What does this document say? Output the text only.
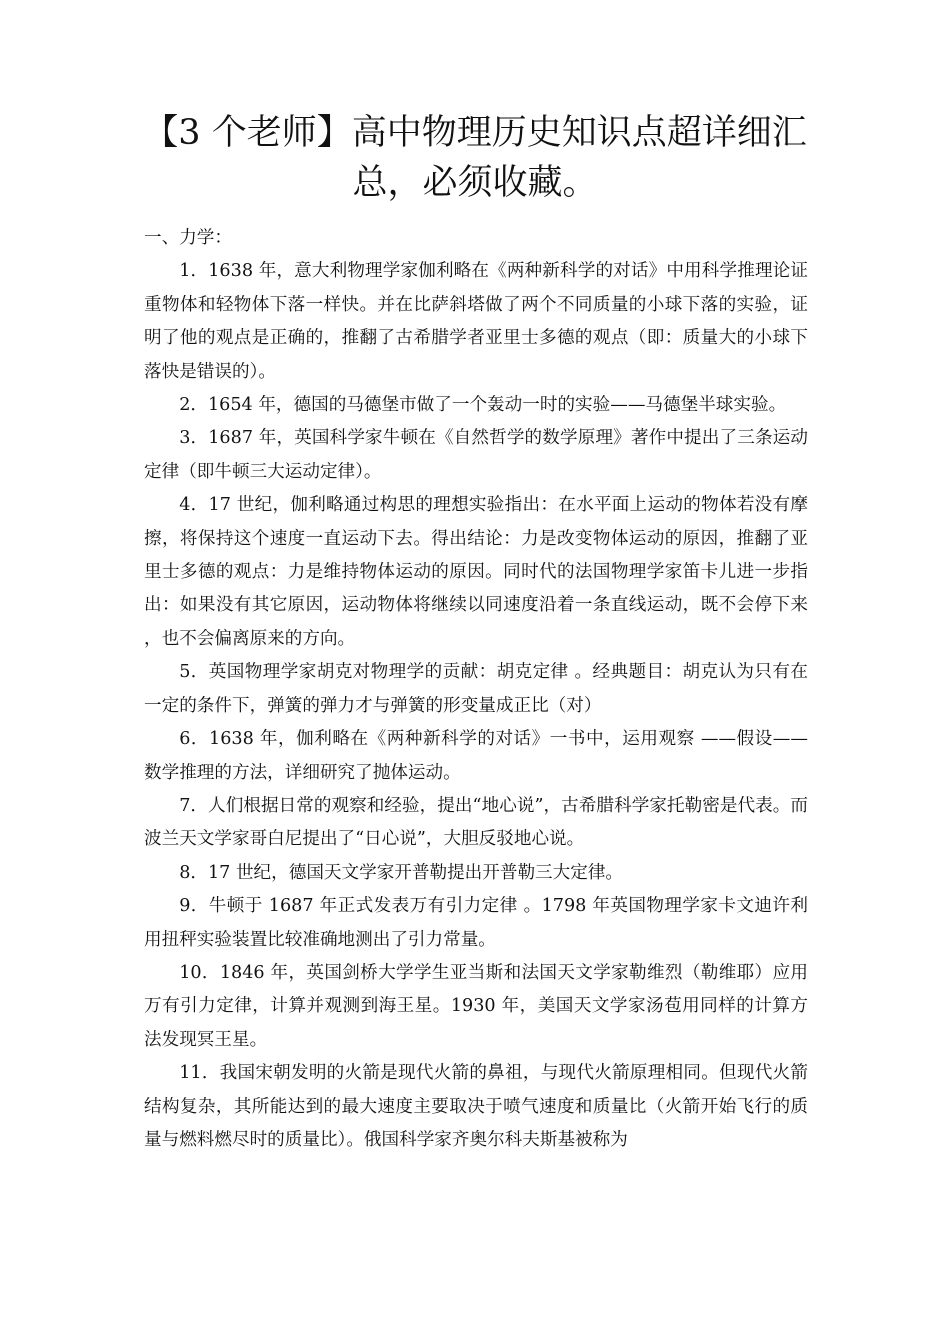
【3 个老师】高中物理历史知识点超详细汇
总，必须收藏。

一、力学：

1．1638 年，意大利物理学家伽利略在《两种新科学的对话》中用科学推理论证重物体和轻物体下落一样快。并在比萨斜塔做了两个不同质量的小球下落的实验，证明了他的观点是正确的，推翻了古希腊学者亚里士多德的观点（即：质量大的小球下落快是错误的）。

2．1654 年，德国的马德堡市做了一个轰动一时的实验——马德堡半球实验。

3．1687 年，英国科学家牛顿在《自然哲学的数学原理》著作中提出了三条运动定律（即牛顿三大运动定律）。

4．17 世纪，伽利略通过构思的理想实验指出：在水平面上运动的物体若没有摩擦，将保持这个速度一直运动下去。得出结论：力是改变物体运动的原因，推翻了亚里士多德的观点：力是维持物体运动的原因。同时代的法国物理学家笛卡儿进一步指出：如果没有其它原因，运动物体将继续以同速度沿着一条直线运动，既不会停下来，也不会偏离原来的方向。

5．英国物理学家胡克对物理学的贡献：胡克定律 。经典题目：胡克认为只有在一定的条件下，弹簧的弹力才与弹簧的形变量成正比（对）

6．1638 年，伽利略在《两种新科学的对话》一书中，运用观察 ——假设——数学推理的方法，详细研究了抛体运动。

7．人们根据日常的观察和经验，提出“地心说”，古希腊科学家托勒密是代表。而波兰天文学家哥白尼提出了“日心说”，大胆反驳地心说。

8．17 世纪，德国天文学家开普勒提出开普勒三大定律。

9．牛顿于 1687 年正式发表万有引力定律 。1798 年英国物理学家卡文迪许利用扭秤实验装置比较准确地测出了引力常量。

10．1846 年，英国剑桥大学学生亚当斯和法国天文学家勒维烈（勒维耶）应用万有引力定律，计算并观测到海王星。1930 年，美国天文学家汤苞用同样的计算方法发现冥王星。

11．我国宋朝发明的火箭是现代火箭的鼻祖，与现代火箭原理相同。但现代火箭结构复杂，其所能达到的最大速度主要取决于喷气速度和质量比（火箭开始飞行的质量与燃料燃尽时的质量比）。俄国科学家齐奥尔科夫斯基被称为
